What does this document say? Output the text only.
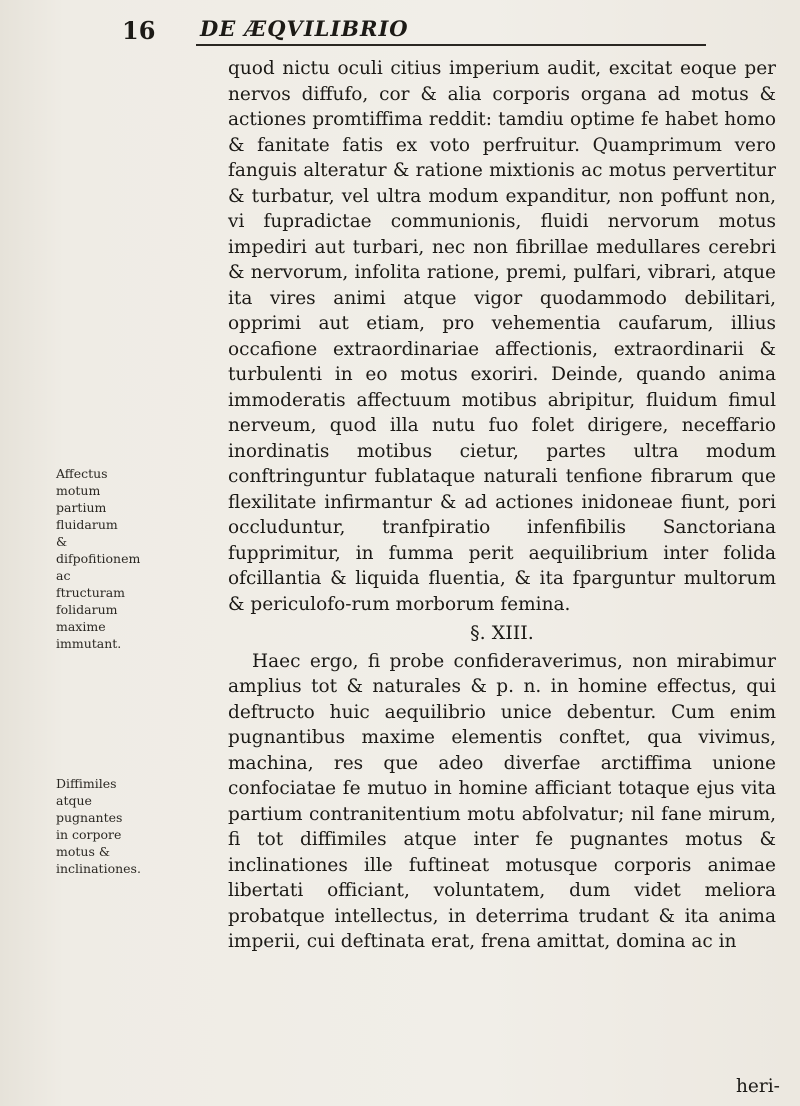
16 DE ÆQVILIBRIO
Affectus motum partium fluidarum & difpofitionem ac ftructuram folidarum maxime immutant.
Diffimiles atque pugnantes in corpore motus & inclinationes.

quod nictu oculi citius imperium audit, excitat eoque per nervos diffufo, cor & alia corporis organa ad motus & actiones promtiffima reddit: tamdiu optime fe habet homo & fanitate fatis ex voto perfruitur. Quamprimum vero fanguis alteratur & ratione mixtionis ac motus pervertitur & turbatur, vel ultra modum expanditur, non poffunt non, vi fupradictae communionis, fluidi nervorum motus impediri aut turbari, nec non fibrillae medullares cerebri & nervorum, infolita ratione, premi, pulfari, vibrari, atque ita vires animi atque vigor quodammodo debilitari, opprimi aut etiam, pro vehementia caufarum, illius occafione extraordinariae affectionis, extraordinarii & turbulenti in eo motus exoriri. Deinde, quando anima immoderatis affectuum motibus abripitur, fluidum fimul nerveum, quod illa nutu fuo folet dirigere, neceffario inordinatis motibus cietur, partes ultra modum conftringuntur fublataque naturali tenfione fibrarum que flexilitate infirmantur & ad actiones inidoneae fiunt, pori occluduntur, tranfpiratio infenfibilis Sanctoriana fupprimitur, in fumma perit aequilibrium inter folida ofcillantia & liquida fluentia, & ita fparguntur multorum & periculofo-rum morborum femina.

§. XIII.

Haec ergo, fi probe confideraverimus, non mirabimur amplius tot & naturales & p. n. in homine effectus, qui deftructo huic aequilibrio unice debentur. Cum enim pugnantibus maxime elementis conftet, qua vivimus, machina, res que adeo diverfae arctiffima unione confociatae fe mutuo in homine afficiant totaque ejus vita partium contranitentium motu abfolvatur; nil fane mirum, fi tot diffimiles atque inter fe pugnantes motus & inclinationes ille fuftineat motusque corporis animae libertati officiant, voluntatem, dum videt meliora probatque intellectus, in deterrima trudant & ita anima imperii, cui deftinata erat, frena amittat, domina ac in

heri-
